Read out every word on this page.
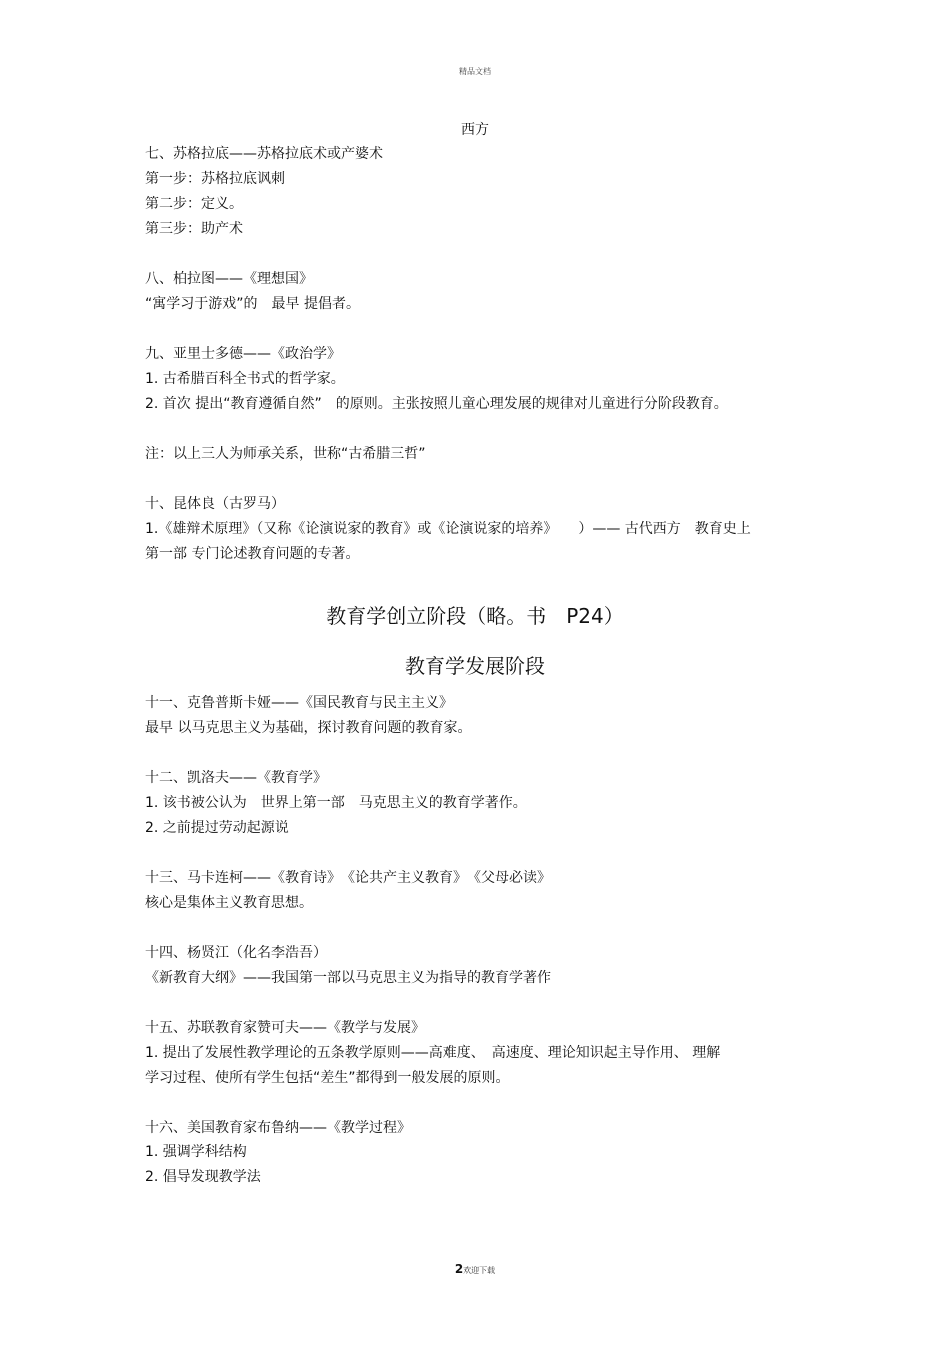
精品文档
西方
七、苏格拉底——苏格拉底术或产婆术
第一步：苏格拉底讽刺
第二步：定义。
第三步：助产术
八、柏拉图——《理想国》
“寓学习于游戏”的　最早 提倡者。
九、亚里士多德——《政治学》
1. 古希腊百科全书式的哲学家。
2. 首次 提出“教育遵循自然”　的原则。主张按照儿童心理发展的规律对儿童进行分阶段教育。
注：以上三人为师承关系，世称“古希腊三哲”
十、昆体良（古罗马）
1.《雄辩术原理》（又称《论演说家的教育》或《论演说家的培养》　　）—— 古代西方　教育史上
第一部 专门论述教育问题的专著。
教育学创立阶段（略。书　P24）
教育学发展阶段
十一、克鲁普斯卡娅——《国民教育与民主主义》
最早 以马克思主义为基础，探讨教育问题的教育家。
十二、凯洛夫——《教育学》
1. 该书被公认为　世界上第一部　马克思主义的教育学著作。
2. 之前提过劳动起源说
十三、马卡连柯——《教育诗》　《论共产主义教育》　《父母必读》
核心是集体主义教育思想。
十四、杨贤江（化名李浩吾）
《新教育大纲》——我国第一部以马克思主义为指导的教育学著作
十五、苏联教育家赞可夫——《教学与发展》
1. 提出了发展性教学理论的五条教学原则——高难度、　高速度、理论知识起主导作用、 理解
学习过程、使所有学生包括“差生”都得到一般发展的原则。
十六、美国教育家布鲁纳——《教学过程》
1. 强调学科结构
2. 倡导发现教学法
2欢迎下载
